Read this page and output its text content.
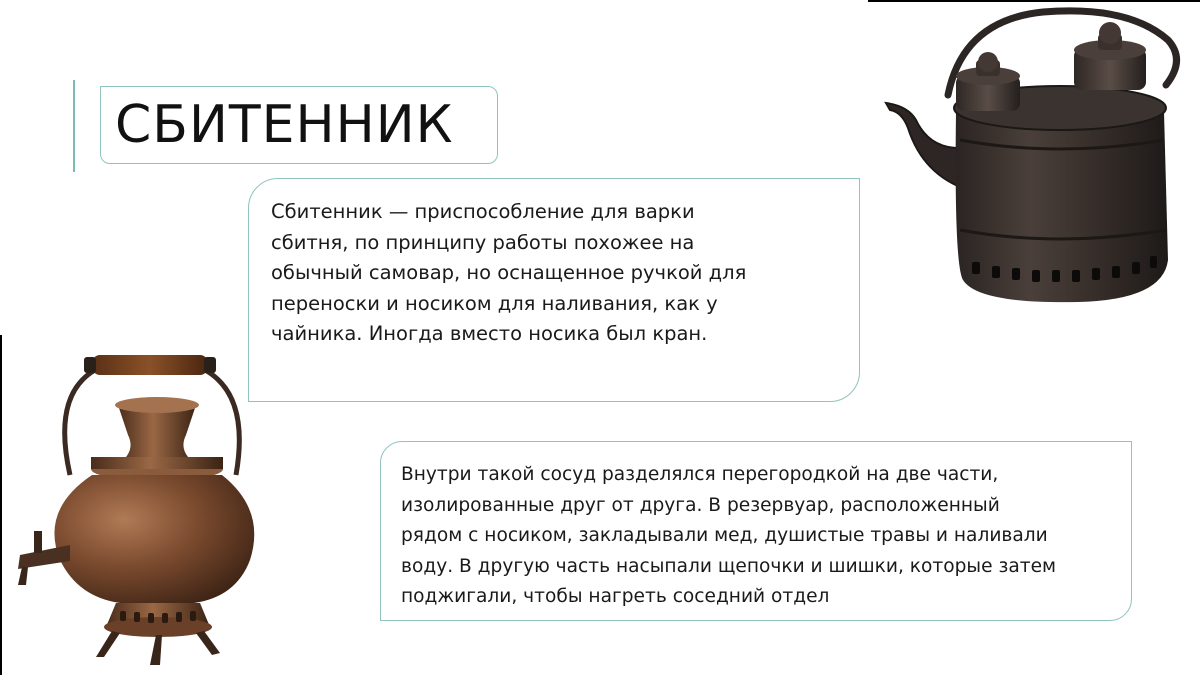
СБИТЕННИК
Сбитенник — приспособление для варки
сбитня, по принципу работы похожее на
обычный самовар, но оснащенное ручкой для
переноски и носиком для наливания, как у
чайника. Иногда вместо носика был кран.
Внутри такой сосуд разделялся перегородкой на две части,
изолированные друг от друга. В резервуар, расположенный
рядом с носиком, закладывали мед, душистые травы и наливали
воду. В другую часть насыпали щепочки и шишки, которые затем
поджигали, чтобы нагреть соседний отдел
